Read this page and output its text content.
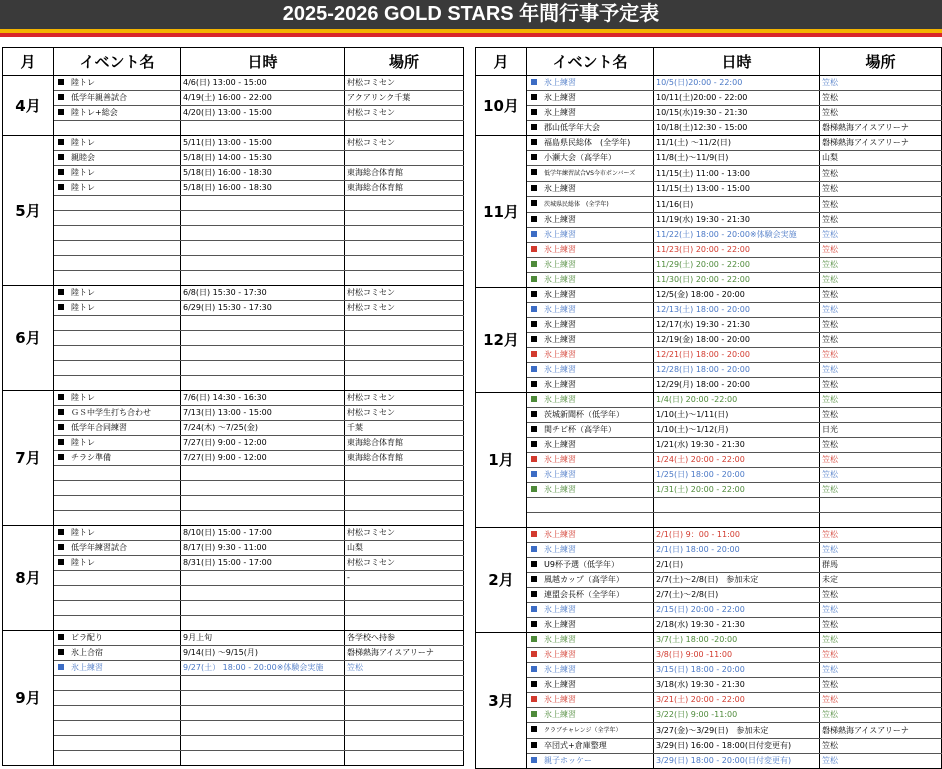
2025-2026 GOLD STARS 年間行事予定表
月	イベント名	日時	場所
4月	陸トレ	4/6(日) 13:00 - 15:00	村松コミセン
	低学年親善試合	4/19(土) 16:00 - 22:00	アクアリンク千葉
	陸トレ+総会	4/20(日) 13:00 - 15:00	村松コミセン

5月	陸トレ	5/11(日) 13:00 - 15:00	村松コミセン
	親睦会	5/18(日) 14:00 - 15:30	
	陸トレ	5/18(日) 16:00 - 18:30	東海総合体育館
	陸トレ	5/18(日) 16:00 - 18:30	東海総合体育館

6月	陸トレ	6/8(日) 15:30 - 17:30	村松コミセン
	陸トレ	6/29(日) 15:30 - 17:30	村松コミセン

7月	陸トレ	7/6(日) 14:30 - 16:30	村松コミセン
	ＧＳ中学生打ち合わせ	7/13(日) 13:00 - 15:00	村松コミセン
	低学年合同練習	7/24(木) 〜7/25(金)	千葉
	陸トレ	7/27(日) 9:00 - 12:00	東海総合体育館
	チラシ準備	7/27(日) 9:00 - 12:00	東海総合体育館

8月	陸トレ	8/10(日) 15:00 - 17:00	村松コミセン
	低学年練習試合	8/17(日) 9:30 - 11:00	山梨
	陸トレ	8/31(日) 15:00 - 17:00	村松コミセン
			-

9月	ビラ配り	9月上旬	各学校へ持参
	氷上合宿	9/14(日) 〜9/15(月)	磐梯熱海アイスアリーナ
	氷上練習	9/27(土） 18:00 - 20:00※体験会実施	笠松

月	イベント名	日時	場所
10月	氷上練習	10/5(日)20:00 - 22:00	笠松
	氷上練習	10/11(土)20:00 - 22:00	笠松
	氷上練習	10/15(水)19:30 - 21:30	笠松
	郡山低学年大会	10/18(土)12:30 - 15:00	磐梯熱海アイスアリーナ
11月	福島県民総体　(全学年)	11/1(土) 〜11/2(日)	磐梯熱海アイスアリーナ
	小瀬大会（高学年）	11/8(土)〜11/9(日)	山梨
	低学年練習試合VS今市ボンバーズ	11/15(土) 11:00 - 13:00	笠松
	氷上練習	11/15(土) 13:00 - 15:00	笠松
	茨城県民総体　(全学年)	11/16(日)	笠松
	氷上練習	11/19(水) 19:30 - 21:30	笠松
	氷上練習	11/22(土) 18:00 - 20:00※体験会実施	笠松
	氷上練習	11/23(日) 20:00 - 22:00	笠松
	氷上練習	11/29(土) 20:00 - 22:00	笠松
	氷上練習	11/30(日) 20:00 - 22:00	笠松
12月	氷上練習	12/5(金) 18:00 - 20:00	笠松
	氷上練習	12/13(土) 18:00 - 20:00	笠松
	氷上練習	12/17(水) 19:30 - 21:30	笠松
	氷上練習	12/19(金) 18:00 - 20:00	笠松
	氷上練習	12/21(日) 18:00 - 20:00	笠松
	氷上練習	12/28(日) 18:00 - 20:00	笠松
	氷上練習	12/29(月) 18:00 - 20:00	笠松
1月	氷上練習	1/4(日) 20:00 -22:00	笠松
	茨城新聞杯（低学年）	1/10(土)〜1/11(日)	笠松
	関チビ杯（高学年）	1/10(土)〜1/12(月)	日光
	氷上練習	1/21(水) 19:30 - 21:30	笠松
	氷上練習	1/24(土) 20:00 - 22:00	笠松
	氷上練習	1/25(日) 18:00 - 20:00	笠松
	氷上練習	1/31(土) 20:00 - 22:00	笠松

2月	氷上練習	2/1(日) 9：00 - 11:00	笠松
	氷上練習	2/1(日) 18:00 - 20:00	笠松
	U9杯予選（低学年）	2/1(日)	群馬
	風越カップ（高学年）	2/7(土)〜2/8(日)　参加未定	未定
	連盟会長杯（全学年）	2/7(土)〜2/8(日)	笠松
	氷上練習	2/15(日) 20:00 - 22:00	笠松
	氷上練習	2/18(水) 19:30 - 21:30	笠松
3月	氷上練習	3/7(土) 18:00 -20:00	笠松
	氷上練習	3/8(日) 9:00 -11:00	笠松
	氷上練習	3/15(日) 18:00 - 20:00	笠松
	氷上練習	3/18(水) 19:30 - 21:30	笠松
	氷上練習	3/21(土) 20:00 - 22:00	笠松
	氷上練習	3/22(日) 9:00 -11:00	笠松
	クラブチャレンジ（全学年）	3/27(金)〜3/29(日)　参加未定	磐梯熱海アイスアリーナ
	卒団式+倉庫整理	3/29(日) 16:00 - 18:00(日付変更有)	笠松
	親子ホッケー	3/29(日) 18:00 - 20:00(日付変更有)	笠松
